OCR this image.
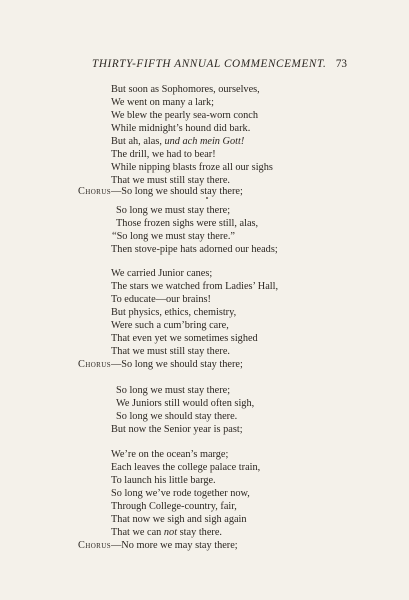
THIRTY-FIFTH ANNUAL COMMENCEMENT. 73
But soon as Sophomores, ourselves,
We went on many a lark;
We blew the pearly sea-worn conch
While midnight’s hound did bark.
But ah, alas, und ach mein Gott!
The drill, we had to bear!
While nipping blasts froze all our sighs
That we must still stay there.
Chorus—So long we should stay there;
So long we must stay there;
Those frozen sighs were still, alas,
“So long we must stay there.”
Then stove-pipe hats adorned our heads;
We carried Junior canes;
The stars we watched from Ladies’ Hall,
To educate—our brains!
But physics, ethics, chemistry,
Were such a cum’bring care,
That even yet we sometimes sighed
That we must still stay there.
Chorus—So long we should stay there;
So long we must stay there;
We Juniors still would often sigh,
So long we should stay there.
But now the Senior year is past;
We’re on the ocean’s marge;
Each leaves the college palace train,
To launch his little barge.
So long we’ve rode together now,
Through College-country, fair,
That now we sigh and sigh again
That we can not stay there.
Chorus—No more we may stay there;
